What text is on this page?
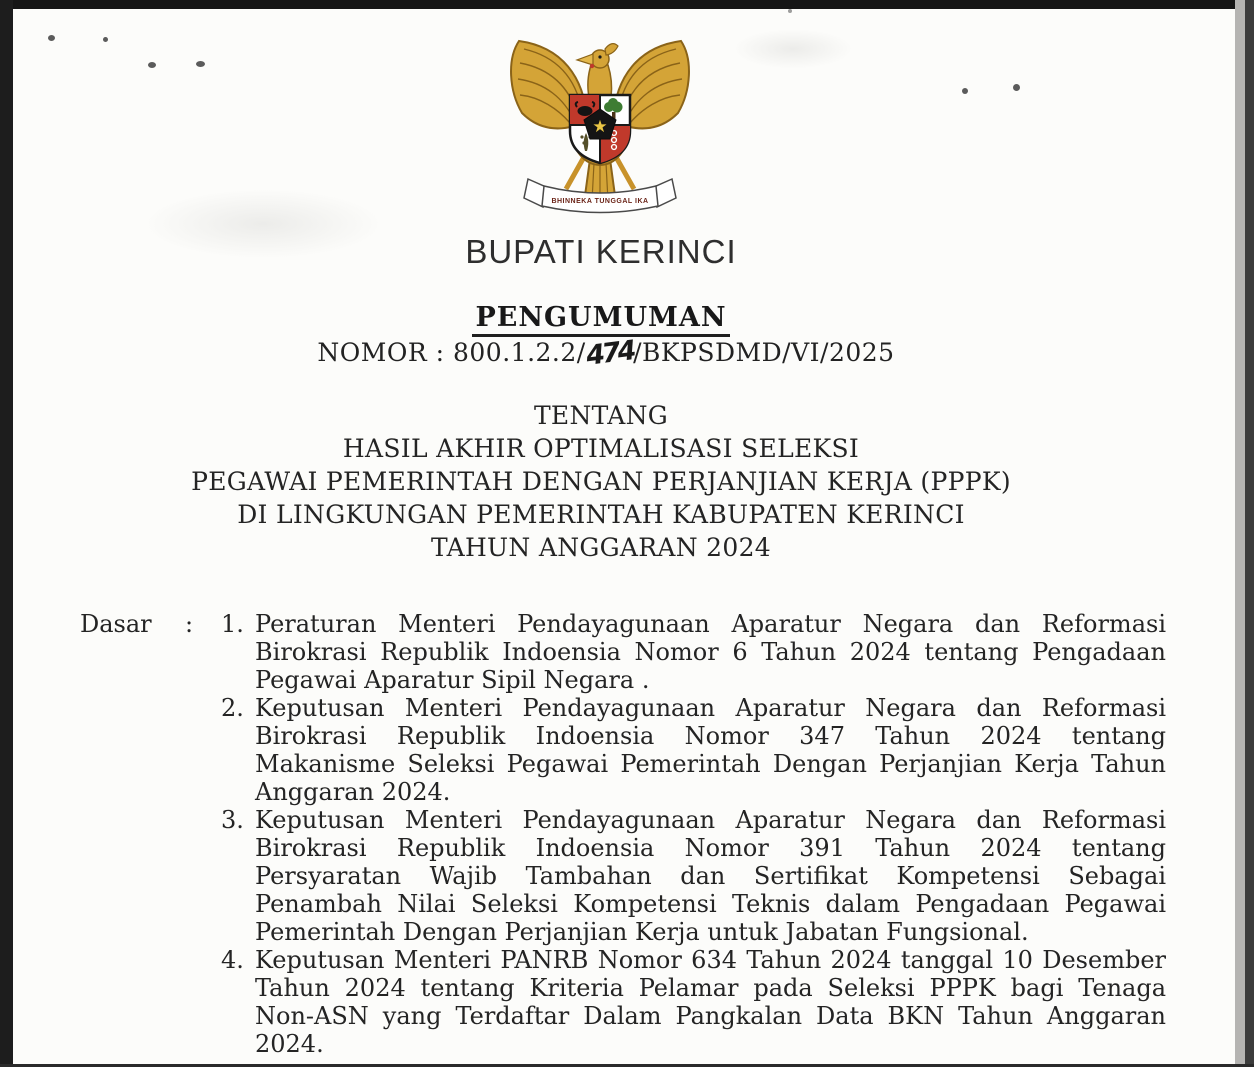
★
BHINNEKA TUNGGAL IKA
BUPATI KERINCI
PENGUMUMAN
NOMOR : 800.1.2.2/474/BKPSDMD/VI/2025
TENTANG
HASIL AKHIR OPTIMALISASI SELEKSI
PEGAWAI PEMERINTAH DENGAN PERJANJIAN KERJA (PPPK)
DI LINGKUNGAN PEMERINTAH KABUPATEN KERINCI
TAHUN ANGGARAN 2024
Dasar : 1. Peraturan Menteri Pendayagunaan Aparatur Negara dan Reformasi
Birokrasi Republik Indoensia Nomor 6 Tahun 2024 tentang Pengadaan
Pegawai Aparatur Sipil Negara .
2. Keputusan Menteri Pendayagunaan Aparatur Negara dan Reformasi
Birokrasi Republik Indoensia Nomor 347 Tahun 2024 tentang
Makanisme Seleksi Pegawai Pemerintah Dengan Perjanjian Kerja Tahun
Anggaran 2024.
3. Keputusan Menteri Pendayagunaan Aparatur Negara dan Reformasi
Birokrasi Republik Indoensia Nomor 391 Tahun 2024 tentang
Persyaratan Wajib Tambahan dan Sertifikat Kompetensi Sebagai
Penambah Nilai Seleksi Kompetensi Teknis dalam Pengadaan Pegawai
Pemerintah Dengan Perjanjian Kerja untuk Jabatan Fungsional.
4. Keputusan Menteri PANRB Nomor 634 Tahun 2024 tanggal 10 Desember
Tahun 2024 tentang Kriteria Pelamar pada Seleksi PPPK bagi Tenaga
Non-ASN yang Terdaftar Dalam Pangkalan Data BKN Tahun Anggaran
2024.
